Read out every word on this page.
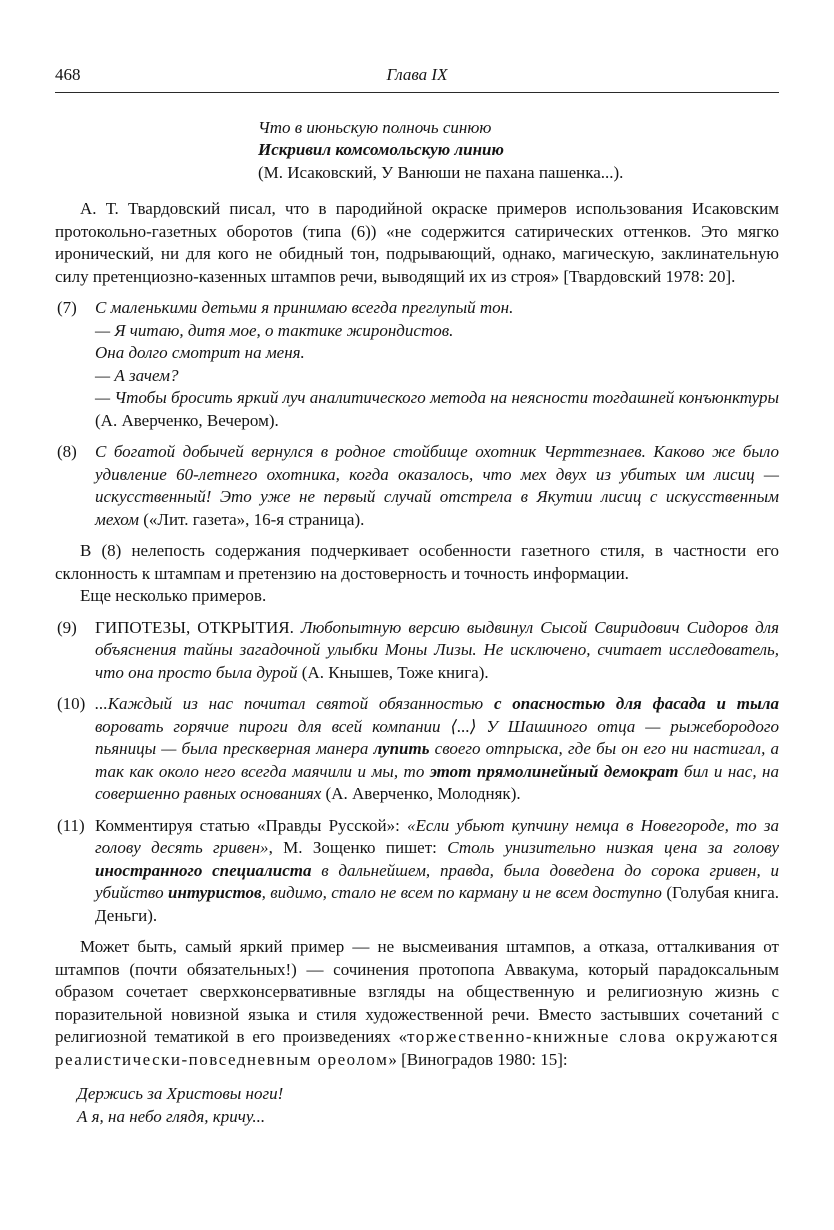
468	Глава IX
Что в июньскую полночь синюю
Искривил комсомольскую линию
(М. Исаковский, У Ванюши не пахана пашенка...).

А. Т. Твардовский писал, что в пародийной окраске примеров использования Исаковским протокольно-газетных оборотов (типа (6)) «не содержится сатирических оттенков. Это мягко иронический, ни для кого не обидный тон, подрывающий, однако, магическую, заклинательную силу претенциозно-казенных штампов речи, выводящий их из строя» [Твардовский 1978: 20].

(7) С маленькими детьми я принимаю всегда преглупый тон.
— Я читаю, дитя мое, о тактике жирондистов.
Она долго смотрит на меня.
— А зачем?
— Чтобы бросить яркий луч аналитического метода на неясности тогдашней конъюнктуры (А. Аверченко, Вечером).
(8) С богатой добычей вернулся в родное стойбище охотник Черттезнаев. Каково же было удивление 60-летнего охотника, когда оказалось, что мех двух из убитых им лисиц — искусственный! Это уже не первый случай отстрела в Якутии лисиц с искусственным мехом («Лит. газета», 16-я страница).

В (8) нелепость содержания подчеркивает особенности газетного стиля, в частности его склонность к штампам и претензию на достоверность и точность информации.

Еще несколько примеров.

(9) ГИПОТЕЗЫ, ОТКРЫТИЯ. Любопытную версию выдвинул Сысой Свиридович Сидоров для объяснения тайны загадочной улыбки Моны Лизы. Не исключено, считает исследователь, что она просто была дурой (А. Кнышев, Тоже книга).
(10) ...Каждый из нас почитал святой обязанностью с опасностью для фасада и тыла воровать горячие пироги для всей компании ⟨...⟩ У Шашиного отца — рыжебородого пьяницы — была прескверная манера лупить своего отпрыска, где бы он его ни настигал, а так как около него всегда маячили и мы, то этот прямолинейный демократ бил и нас, на совершенно равных основаниях (А. Аверченко, Молодняк).
(11) Комментируя статью «Правды Русской»: «Если убьют купчину немца в Новегороде, то за голову десять гривен», М. Зощенко пишет: Столь унизительно низкая цена за голову иностранного специалиста в дальнейшем, правда, была доведена до сорока гривен, и убийство интуристов, видимо, стало не всем по карману и не всем доступно (Голубая книга. Деньги).

Может быть, самый яркий пример — не высмеивания штампов, а отказа, отталкивания от штампов (почти обязательных!) — сочинения протопопа Аввакума, который парадоксальным образом сочетает сверхконсервативные взгляды на общественную и религиозную жизнь с поразительной новизной языка и стиля художественной речи. Вместо застывших сочетаний с религиозной тематикой в его произведениях «торжественно-книжные слова окружаются реалистически-повседневным ореолом» [Виноградов 1980: 15]:

Держись за Христовы ноги!
А я, на небо глядя, кричу...
